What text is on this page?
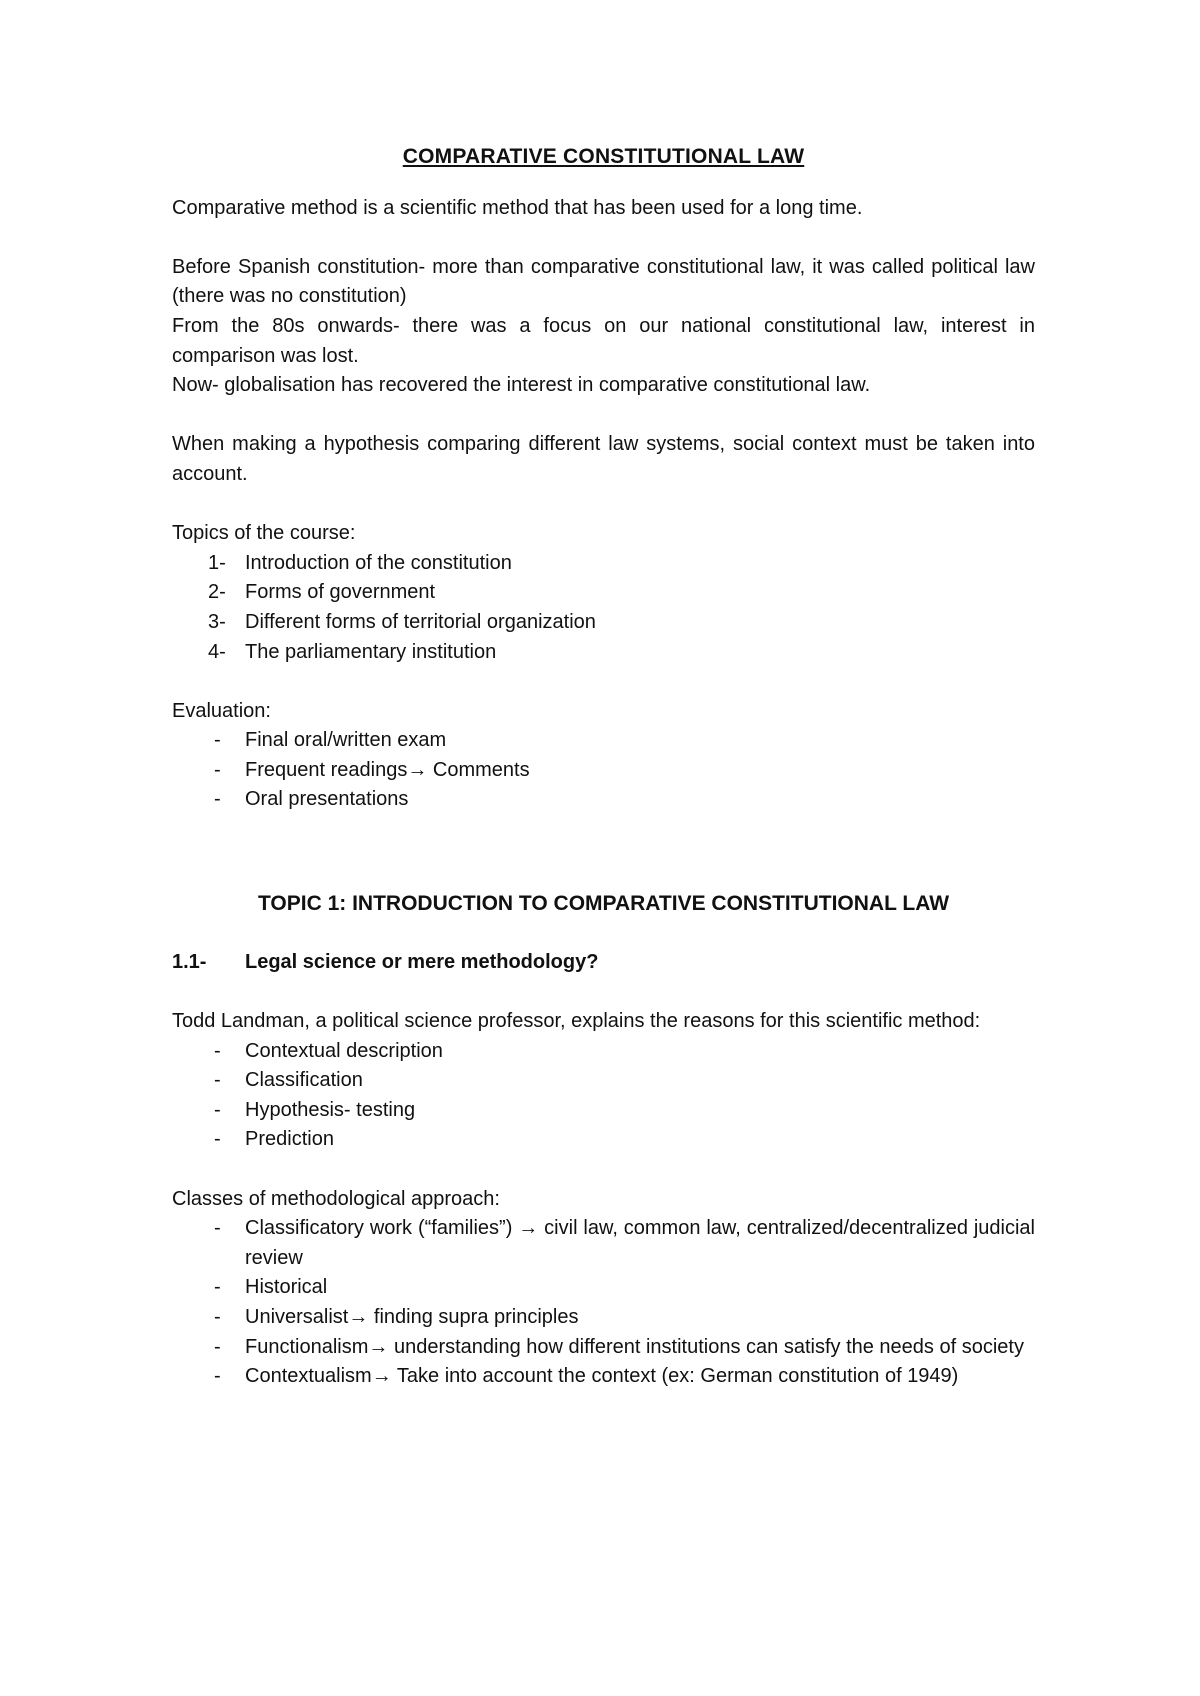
COMPARATIVE CONSTITUTIONAL LAW

Comparative method is a scientific method that has been used for a long time.

Before Spanish constitution- more than comparative constitutional law, it was called political law (there was no constitution)

From the 80s onwards- there was a focus on our national constitutional law, interest in comparison was lost.

Now- globalisation has recovered the interest in comparative constitutional law.

When making a hypothesis comparing different law systems, social context must be taken into account.

Topics of the course:

1- Introduction of the constitution
2- Forms of government
3- Different forms of territorial organization
4- The parliamentary institution

Evaluation:

- Final oral/written exam
- Frequent readings→ Comments
- Oral presentations

TOPIC 1: INTRODUCTION TO COMPARATIVE CONSTITUTIONAL LAW

1.1- Legal science or mere methodology?

Todd Landman, a political science professor, explains the reasons for this scientific method:

- Contextual description
- Classification
- Hypothesis- testing
- Prediction

Classes of methodological approach:

- Classificatory work (“families”) → civil law, common law, centralized/decentralized judicial review
- Historical
- Universalist→ finding supra principles
- Functionalism→ understanding how different institutions can satisfy the needs of society
- Contextualism→ Take into account the context (ex: German constitution of 1949)
